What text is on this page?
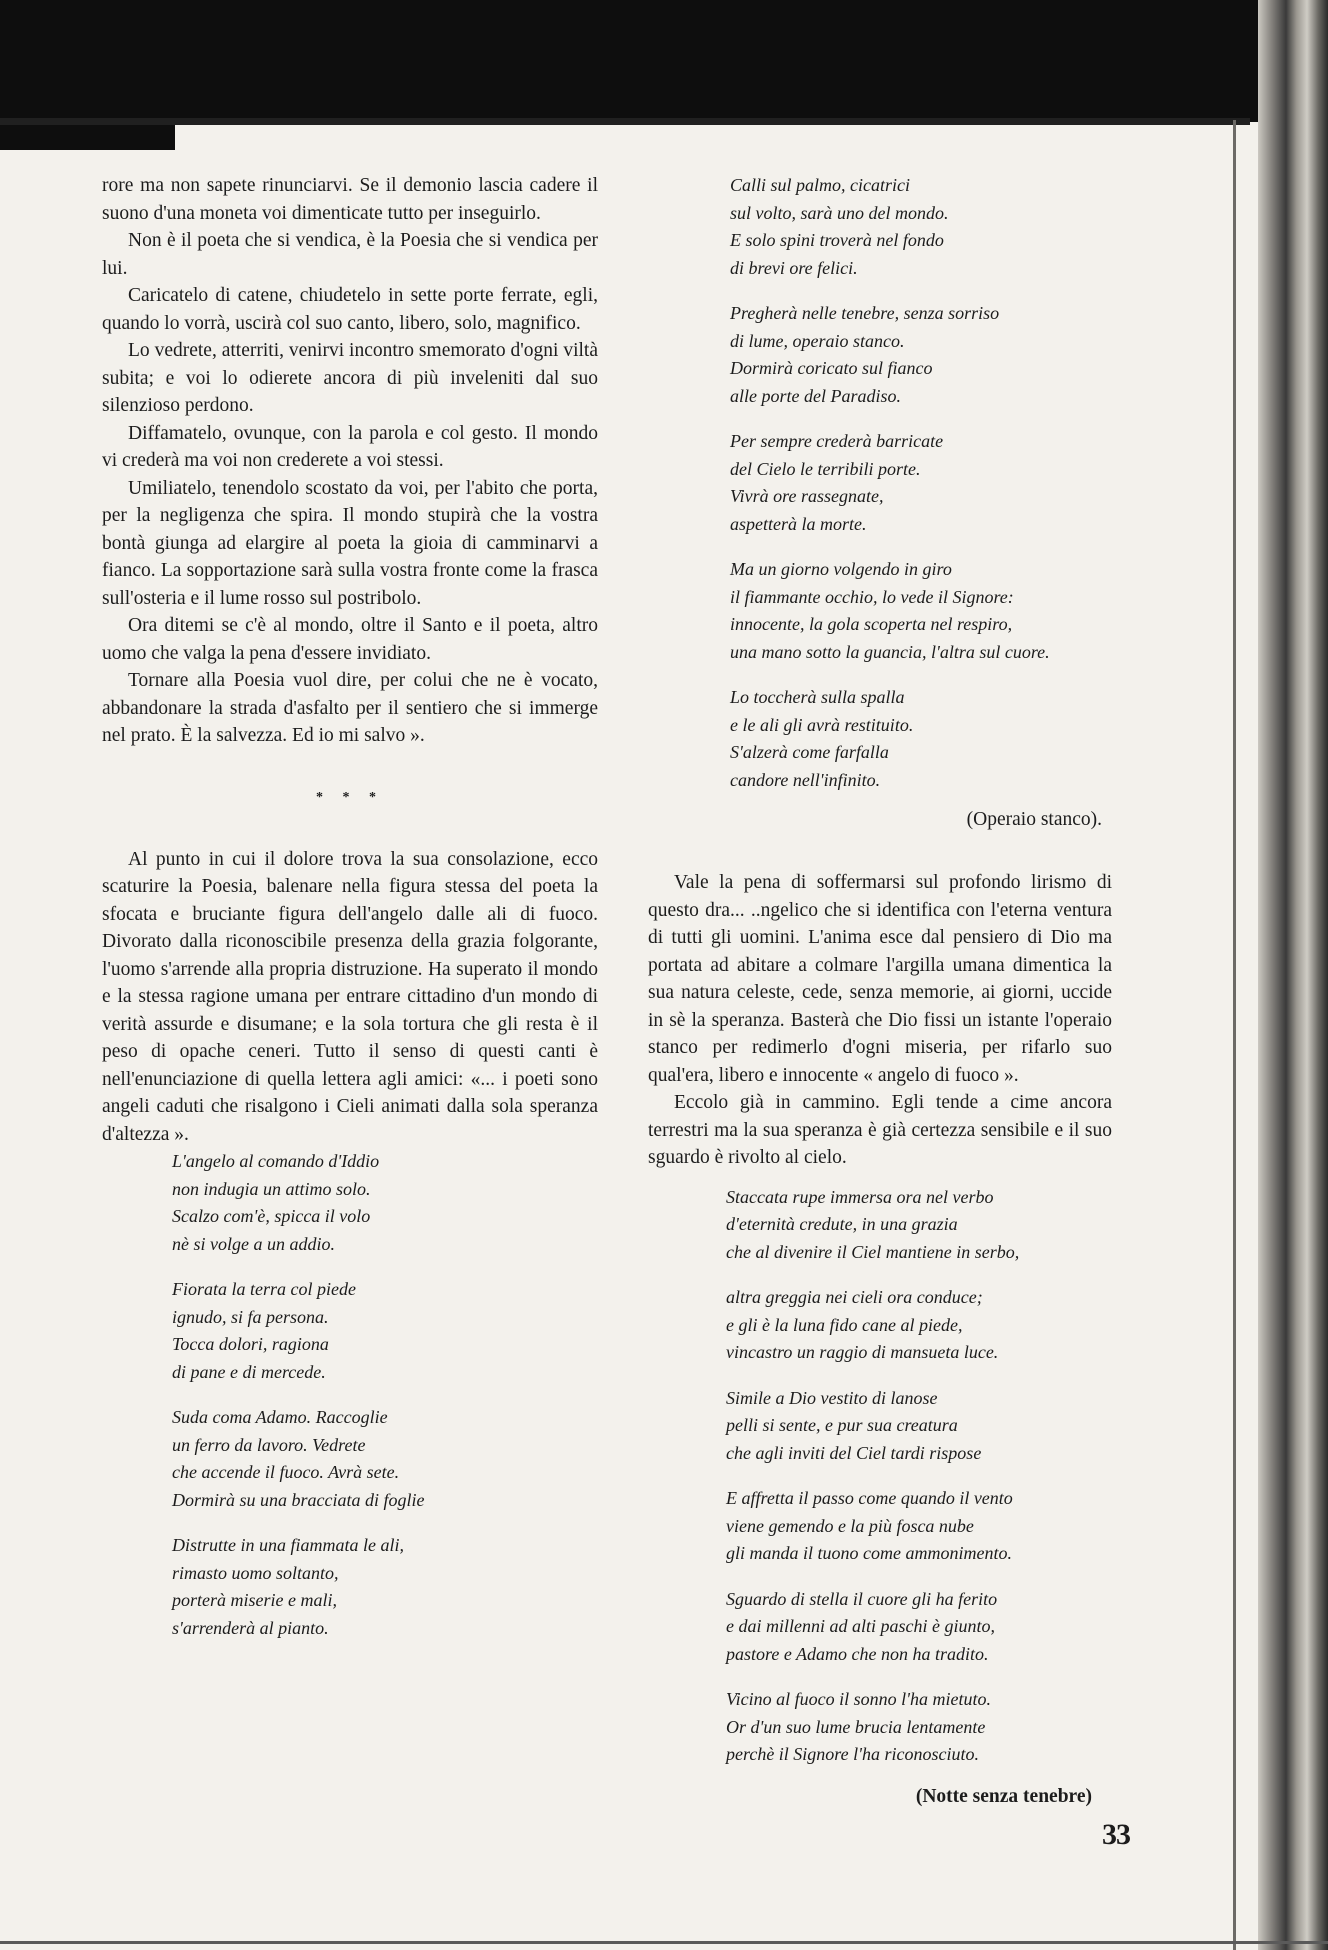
rore ma non sapete rinunciarvi. Se il demonio lascia cadere il suono d'una moneta voi dimenticate tutto per inseguirlo.

Non è il poeta che si vendica, è la Poesia che si vendica per lui.

Caricatelo di catene, chiudetelo in sette porte ferrate, egli, quando lo vorrà, uscirà col suo canto, libero, solo, magnifico.

Lo vedrete, atterriti, venirvi incontro smemorato d'ogni viltà subita; e voi lo odierete ancora di più inveleniti dal suo silenzioso perdono.

Diffamatelo, ovunque, con la parola e col gesto. Il mondo vi crederà ma voi non crederete a voi stessi.

Umiliatelo, tenendolo scostato da voi, per l'abito che porta, per la negligenza che spira. Il mondo stupirà che la vostra bontà giunga ad elargire al poeta la gioia di camminarvi a fianco. La sopportazione sarà sulla vostra fronte come la frasca sull'osteria e il lume rosso sul postribolo.

Ora ditemi se c'è al mondo, oltre il Santo e il poeta, altro uomo che valga la pena d'essere invidiato.

Tornare alla Poesia vuol dire, per colui che ne è vocato, abbandonare la strada d'asfalto per il sentiero che si immerge nel prato. È la salvezza. Ed io mi salvo ».

* * *

Al punto in cui il dolore trova la sua consolazione, ecco scaturire la Poesia, balenare nella figura stessa del poeta la sfocata e bruciante figura dell'angelo dalle ali di fuoco. Divorato dalla riconoscibile presenza della grazia folgorante, l'uomo s'arrende alla propria distruzione. Ha superato il mondo e la stessa ragione umana per entrare cittadino d'un mondo di verità assurde e disumane; e la sola tortura che gli resta è il peso di opache ceneri. Tutto il senso di questi canti è nell'enunciazione di quella lettera agli amici: «... i poeti sono angeli caduti che risalgono i Cieli animati dalla sola speranza d'altezza ».

L'angelo al comando d'Iddio
non indugia un attimo solo.
Scalzo com'è, spicca il volo
nè si volge a un addio.
Fiorata la terra col piede
ignudo, si fa persona.
Tocca dolori, ragiona
di pane e di mercede.
Suda coma Adamo. Raccoglie
un ferro da lavoro. Vedrete
che accende il fuoco. Avrà sete.
Dormirà su una bracciata di foglie
Distrutte in una fiammata le ali,
rimasto uomo soltanto,
porterà miserie e mali,
s'arrenderà al pianto.
Calli sul palmo, cicatrici
sul volto, sarà uno del mondo.
E solo spini troverà nel fondo
di brevi ore felici.
Pregherà nelle tenebre, senza sorriso
di lume, operaio stanco.
Dormirà coricato sul fianco
alle porte del Paradiso.
Per sempre crederà barricate
del Cielo le terribili porte.
Vivrà ore rassegnate,
aspetterà la morte.
Ma un giorno volgendo in giro
il fiammante occhio, lo vede il Signore:
innocente, la gola scoperta nel respiro,
una mano sotto la guancia, l'altra sul cuore.
Lo toccherà sulla spalla
e le ali gli avrà restituito.
S'alzerà come farfalla
candore nell'infinito.
(Operaio stanco).

Vale la pena di soffermarsi sul profondo lirismo di questo dra... ..ngelico che si identifica con l'eterna ventura di tutti gli uomini. L'anima esce dal pensiero di Dio ma portata ad abitare a colmare l'argilla umana dimentica la sua natura celeste, cede, senza memorie, ai giorni, uccide in sè la speranza. Basterà che Dio fissi un istante l'operaio stanco per redimerlo d'ogni miseria, per rifarlo suo qual'era, libero e innocente « angelo di fuoco ».

Eccolo già in cammino. Egli tende a cime ancora terrestri ma la sua speranza è già certezza sensibile e il suo sguardo è rivolto al cielo.

Staccata rupe immersa ora nel verbo
d'eternità credute, in una grazia
che al divenire il Ciel mantiene in serbo,
altra greggia nei cieli ora conduce;
e gli è la luna fido cane al piede,
vincastro un raggio di mansueta luce.
Simile a Dio vestito di lanose
pelli si sente, e pur sua creatura
che agli inviti del Ciel tardi rispose
E affretta il passo come quando il vento
viene gemendo e la più fosca nube
gli manda il tuono come ammonimento.
Sguardo di stella il cuore gli ha ferito
e dai millenni ad alti paschi è giunto,
pastore e Adamo che non ha tradito.
Vicino al fuoco il sonno l'ha mietuto.
Or d'un suo lume brucia lentamente
perchè il Signore l'ha riconosciuto.
(Notte senza tenebre)
33
